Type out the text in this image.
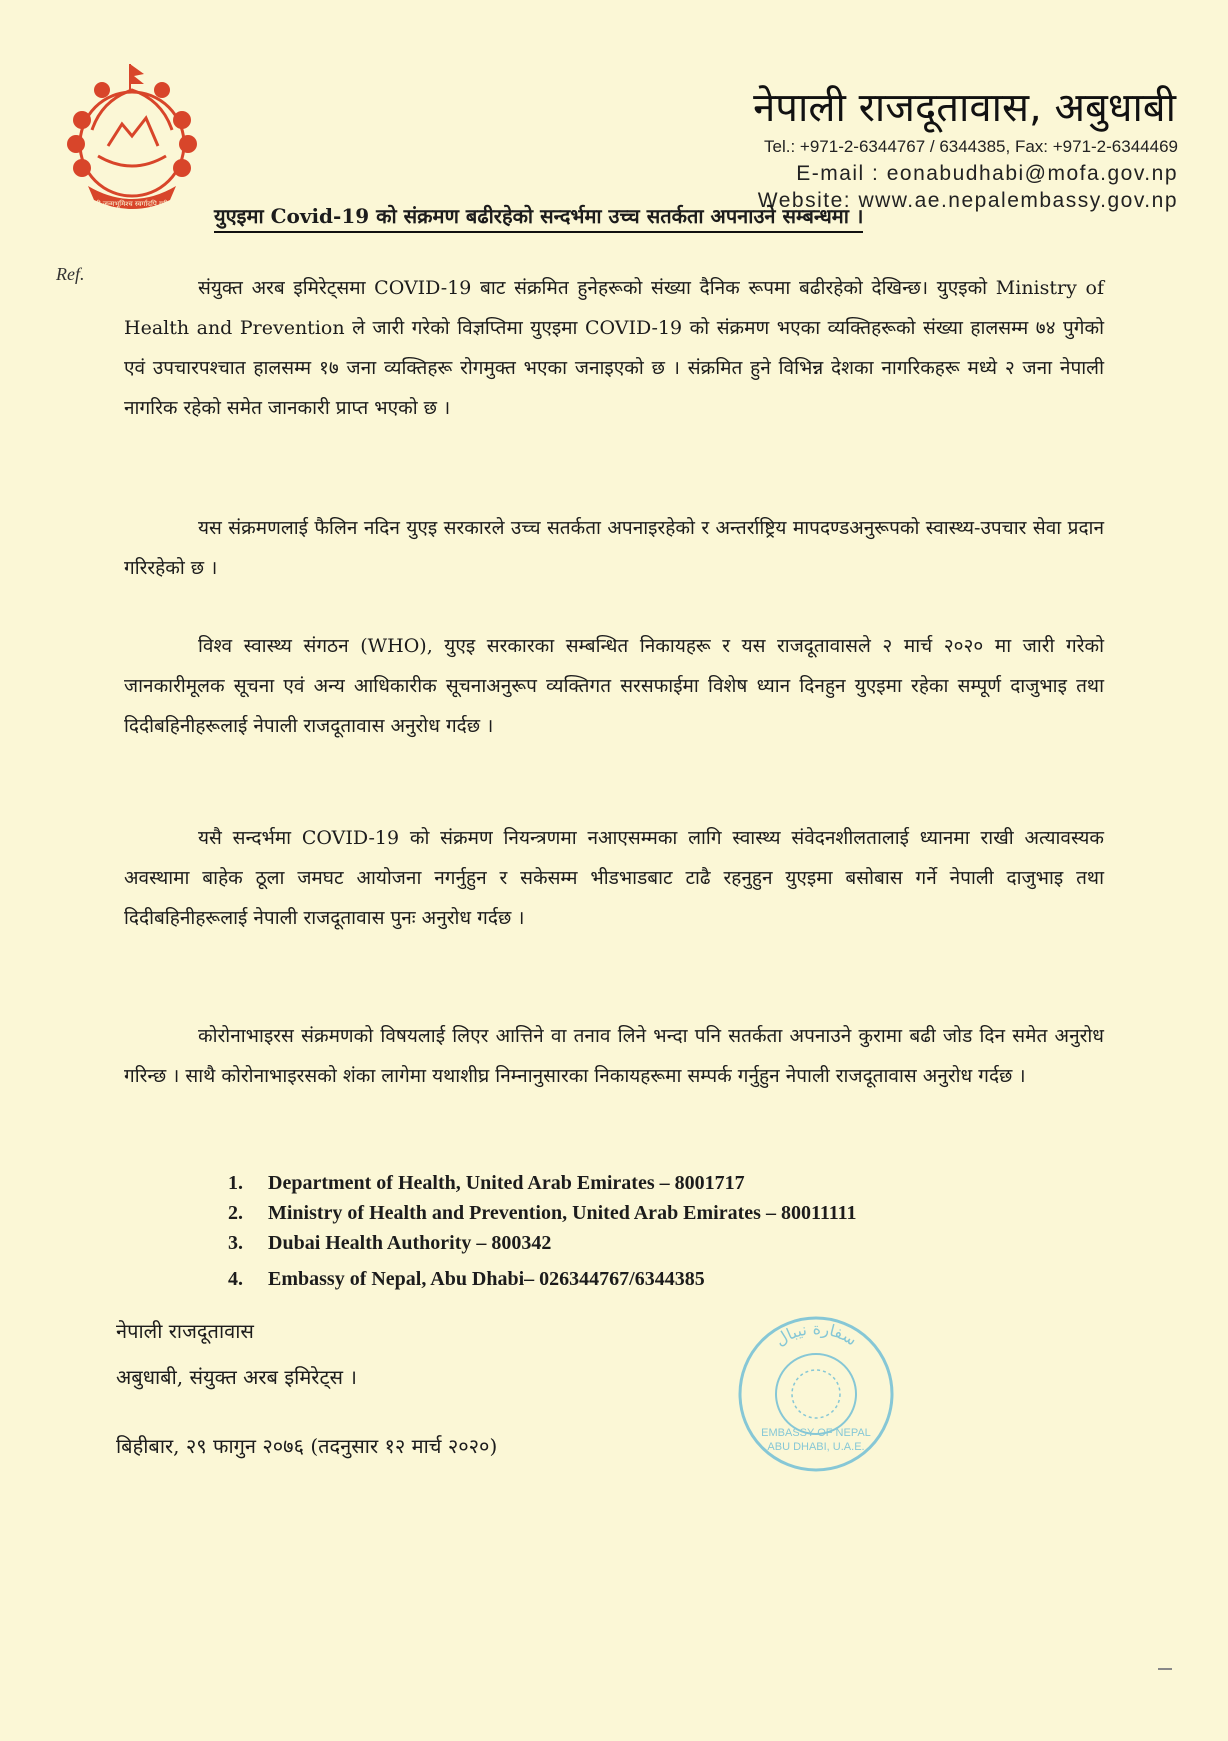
जननी जन्मभूमिश्च स्वर्गादपि गरीयसी
नेपाली राजदूतावास, अबुधाबी
Tel.: +971-2-6344767 / 6344385, Fax: +971-2-6344469
E-mail : eonabudhabi@mofa.gov.np
Website: www.ae.nepalembassy.gov.np
युएइमा Covid-19 को संक्रमण बढीरहेको सन्दर्भमा उच्च सतर्कता अपनाउने सम्बन्धमा ।
Ref.

संयुक्त अरब इमिरेट्‌समा COVID-19 बाट संक्रमित हुनेहरूको संख्या दैनिक रूपमा बढीरहेको देखिन्छ। युएइको Ministry of Health and Prevention ले जारी गरेको विज्ञप्तिमा युएइमा COVID-19 को संक्रमण भएका व्यक्तिहरूको संख्या हालसम्म ७४ पुगेको एवं उपचारपश्चात हालसम्म १७ जना व्यक्तिहरू रोगमुक्त भएका जनाइएको छ । संक्रमित हुने विभिन्न देशका नागरिकहरू मध्ये २ जना नेपाली नागरिक रहेको समेत जानकारी प्राप्त भएको छ ।

यस संक्रमणलाई फैलिन नदिन युएइ सरकारले उच्च सतर्कता अपनाइरहेको र अन्तर्राष्ट्रिय मापदण्डअनुरूपको स्वास्थ्य-उपचार सेवा प्रदान गरिरहेको छ ।

विश्व स्वास्थ्य संगठन (WHO), युएइ सरकारका सम्बन्धित निकायहरू र यस राजदूतावासले २ मार्च २०२० मा जारी गरेको जानकारीमूलक सूचना एवं अन्य आधिकारीक सूचनाअनुरूप व्यक्तिगत सरसफाईमा विशेष ध्यान दिनहुन युएइमा रहेका सम्पूर्ण दाजुभाइ तथा दिदीबहिनीहरूलाई नेपाली राजदूतावास अनुरोध गर्दछ ।

यसै सन्दर्भमा COVID-19 को संक्रमण नियन्त्रणमा नआएसम्मका लागि स्वास्थ्य संवेदनशीलतालाई ध्यानमा राखी अत्यावस्यक अवस्थामा बाहेक ठूला जमघट आयोजना नगर्नुहुन र सकेसम्म भीडभाडबाट टाढै रहनुहुन युएइमा बसोबास गर्ने नेपाली दाजुभाइ तथा दिदीबहिनीहरूलाई नेपाली राजदूतावास पुनः अनुरोध गर्दछ ।

कोरोनाभाइरस संक्रमणको विषयलाई लिएर आत्तिने वा तनाव लिने भन्दा पनि सतर्कता अपनाउने कुरामा बढी जोड दिन समेत अनुरोध गरिन्छ । साथै कोरोनाभाइरसको शंका लागेमा यथाशीघ्र निम्नानुसारका निकायहरूमा सम्पर्क गर्नुहुन नेपाली राजदूतावास अनुरोध गर्दछ ।

1. Department of Health, United Arab Emirates – 8001717
2. Ministry of Health and Prevention, United Arab Emirates – 80011111
3. Dubai Health Authority – 800342
4. Embassy of Nepal, Abu Dhabi– 026344767/6344385
नेपाली राजदूतावास
अबुधाबी, संयुक्त अरब इमिरेट्स ।
बिहीबार, २९ फागुन २०७६ (तदनुसार १२ मार्च २०२०)
سفارة نيبال
EMBASSY OF NEPAL
ABU DHABI, U.A.E.
